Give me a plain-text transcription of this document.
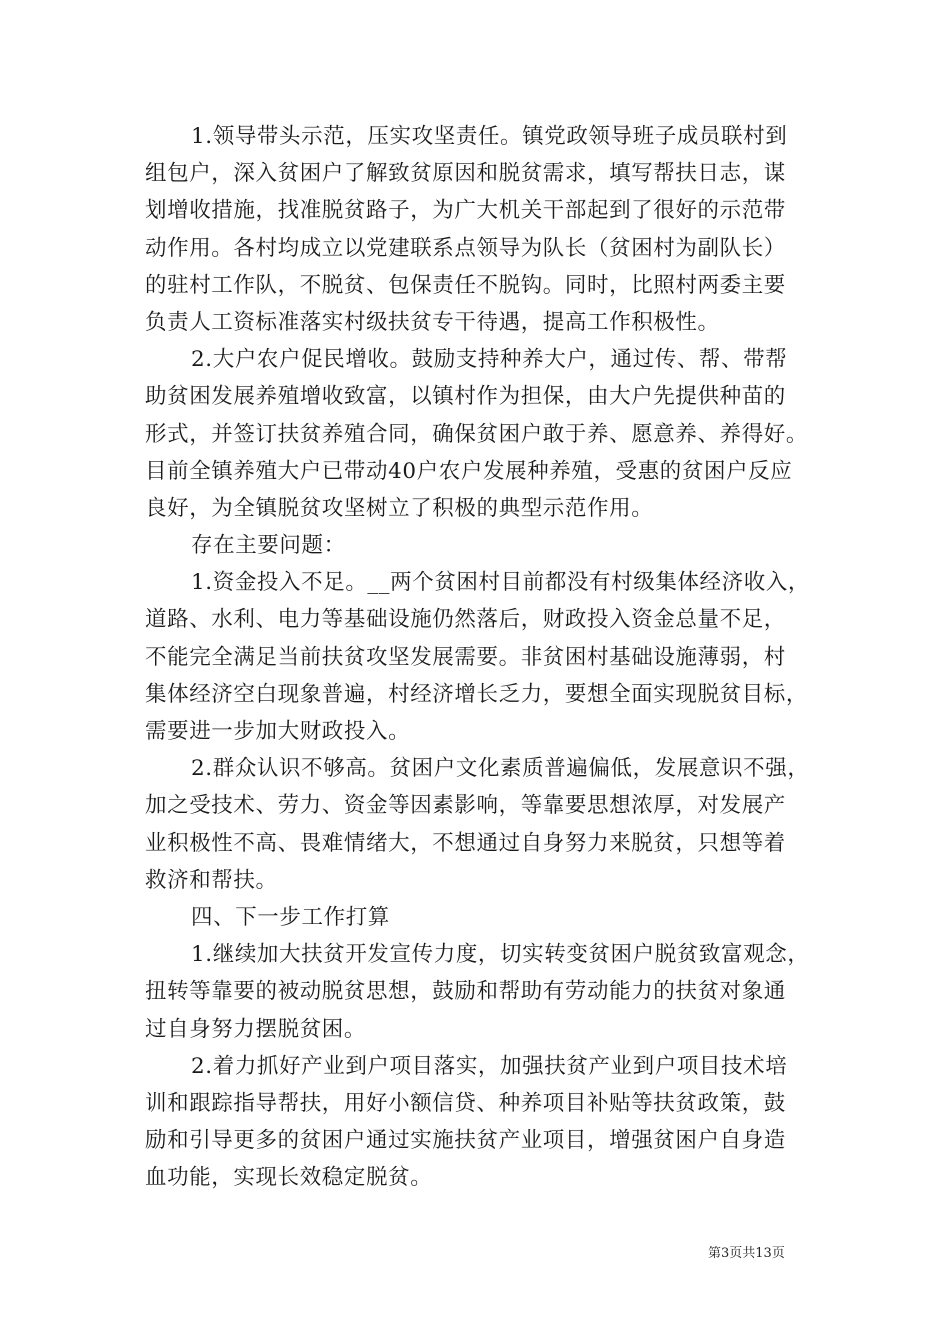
1.领导带头示范，压实攻坚责任。镇党政领导班子成员联村到
组包户，深入贫困户了解致贫原因和脱贫需求，填写帮扶日志，谋
划增收措施，找准脱贫路子，为广大机关干部起到了很好的示范带
动作用。各村均成立以党建联系点领导为队长（贫困村为副队长）
的驻村工作队，不脱贫、包保责任不脱钩。同时，比照村两委主要
负责人工资标准落实村级扶贫专干待遇，提高工作积极性。
2.大户农户促民增收。鼓励支持种养大户，通过传、帮、带帮
助贫困发展养殖增收致富，以镇村作为担保，由大户先提供种苗的
形式，并签订扶贫养殖合同，确保贫困户敢于养、愿意养、养得好。
目前全镇养殖大户已带动40户农户发展种养殖，受惠的贫困户反应
良好，为全镇脱贫攻坚树立了积极的典型示范作用。
存在主要问题：
1.资金投入不足。__两个贫困村目前都没有村级集体经济收入，
道路、水利、电力等基础设施仍然落后，财政投入资金总量不足，
不能完全满足当前扶贫攻坚发展需要。非贫困村基础设施薄弱，村
集体经济空白现象普遍，村经济增长乏力，要想全面实现脱贫目标，
需要进一步加大财政投入。
2.群众认识不够高。贫困户文化素质普遍偏低，发展意识不强，
加之受技术、劳力、资金等因素影响，等靠要思想浓厚，对发展产
业积极性不高、畏难情绪大，不想通过自身努力来脱贫，只想等着
救济和帮扶。
四、下一步工作打算
1.继续加大扶贫开发宣传力度，切实转变贫困户脱贫致富观念，
扭转等靠要的被动脱贫思想，鼓励和帮助有劳动能力的扶贫对象通
过自身努力摆脱贫困。
2.着力抓好产业到户项目落实，加强扶贫产业到户项目技术培
训和跟踪指导帮扶，用好小额信贷、种养项目补贴等扶贫政策，鼓
励和引导更多的贫困户通过实施扶贫产业项目，增强贫困户自身造
血功能，实现长效稳定脱贫。
第3页共13页
